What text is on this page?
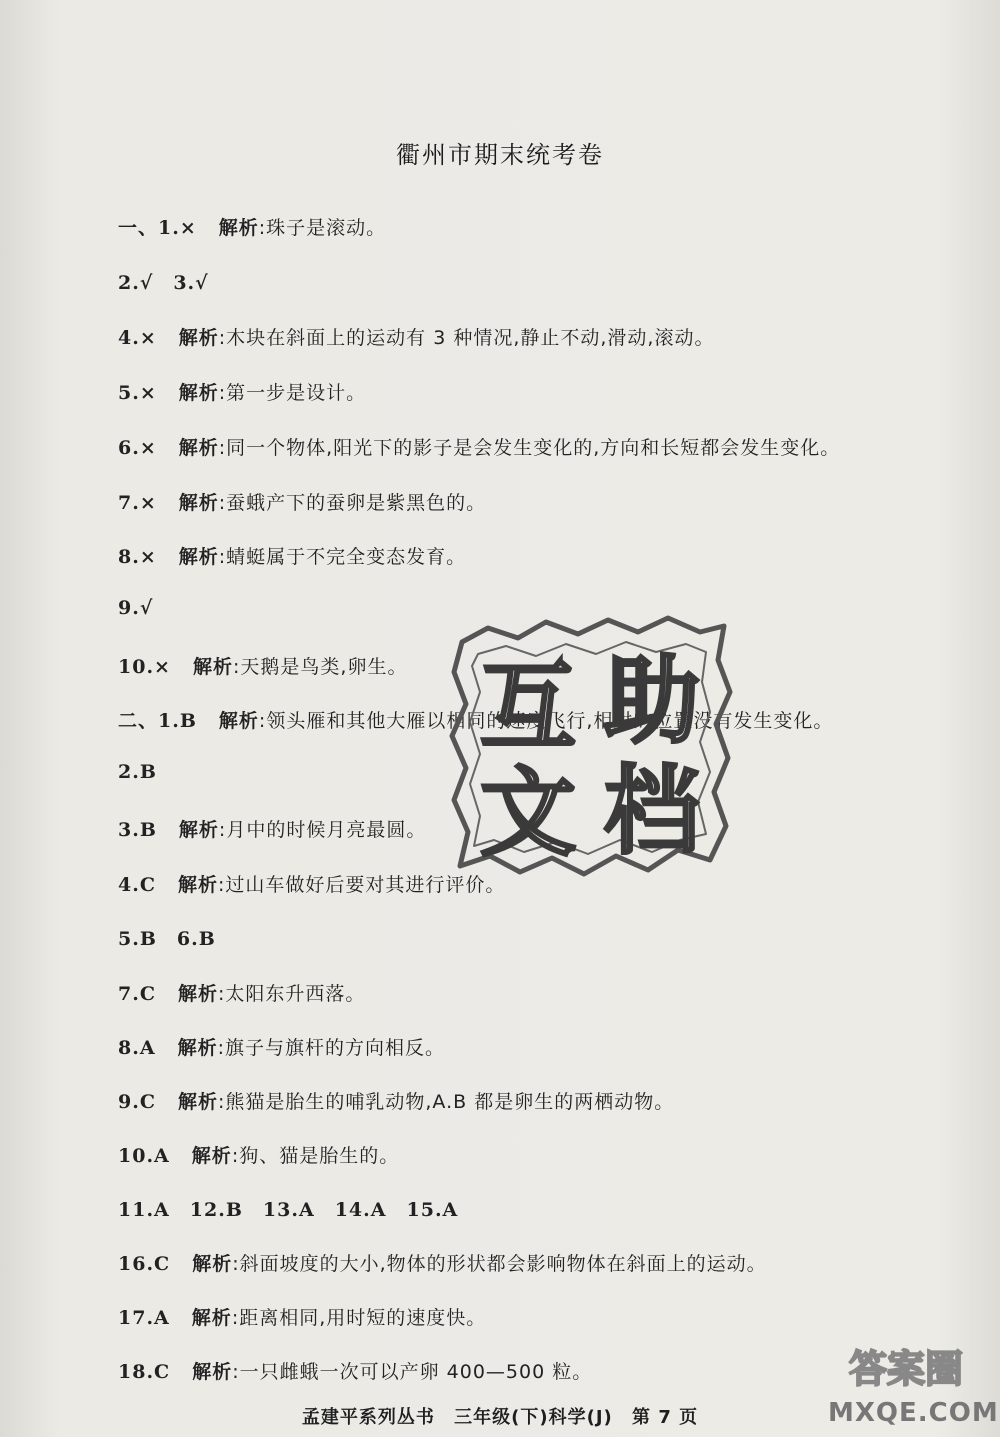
衢州市期末统考卷
一、1.× 解析:珠子是滚动。
2.√　3.√
4.× 解析:木块在斜面上的运动有 3 种情况,静止不动,滑动,滚动。
5.× 解析:第一步是设计。
6.× 解析:同一个物体,阳光下的影子是会发生变化的,方向和长短都会发生变化。
7.× 解析:蚕蛾产下的蚕卵是紫黑色的。
8.× 解析:蜻蜓属于不完全变态发育。
9.√
10.× 解析:天鹅是鸟类,卵生。
二、1.B 解析:领头雁和其他大雁以相同的速度飞行,相对的位置没有发生变化。
2.B
3.B 解析:月中的时候月亮最圆。
4.C 解析:过山车做好后要对其进行评价。
5.B　6.B
7.C 解析:太阳东升西落。
8.A 解析:旗子与旗杆的方向相反。
9.C 解析:熊猫是胎生的哺乳动物,A.B 都是卵生的两栖动物。
10.A 解析:狗、猫是胎生的。
11.A　12.B　13.A　14.A　15.A
16.C 解析:斜面坡度的大小,物体的形状都会影响物体在斜面上的运动。
17.A 解析:距离相同,用时短的速度快。
18.C 解析:一只雌蛾一次可以产卵 400—500 粒。
互 助
文 档
孟建平系列丛书 三年级(下)科学(J) 第 7 页
答案圈
MXQE.COM
